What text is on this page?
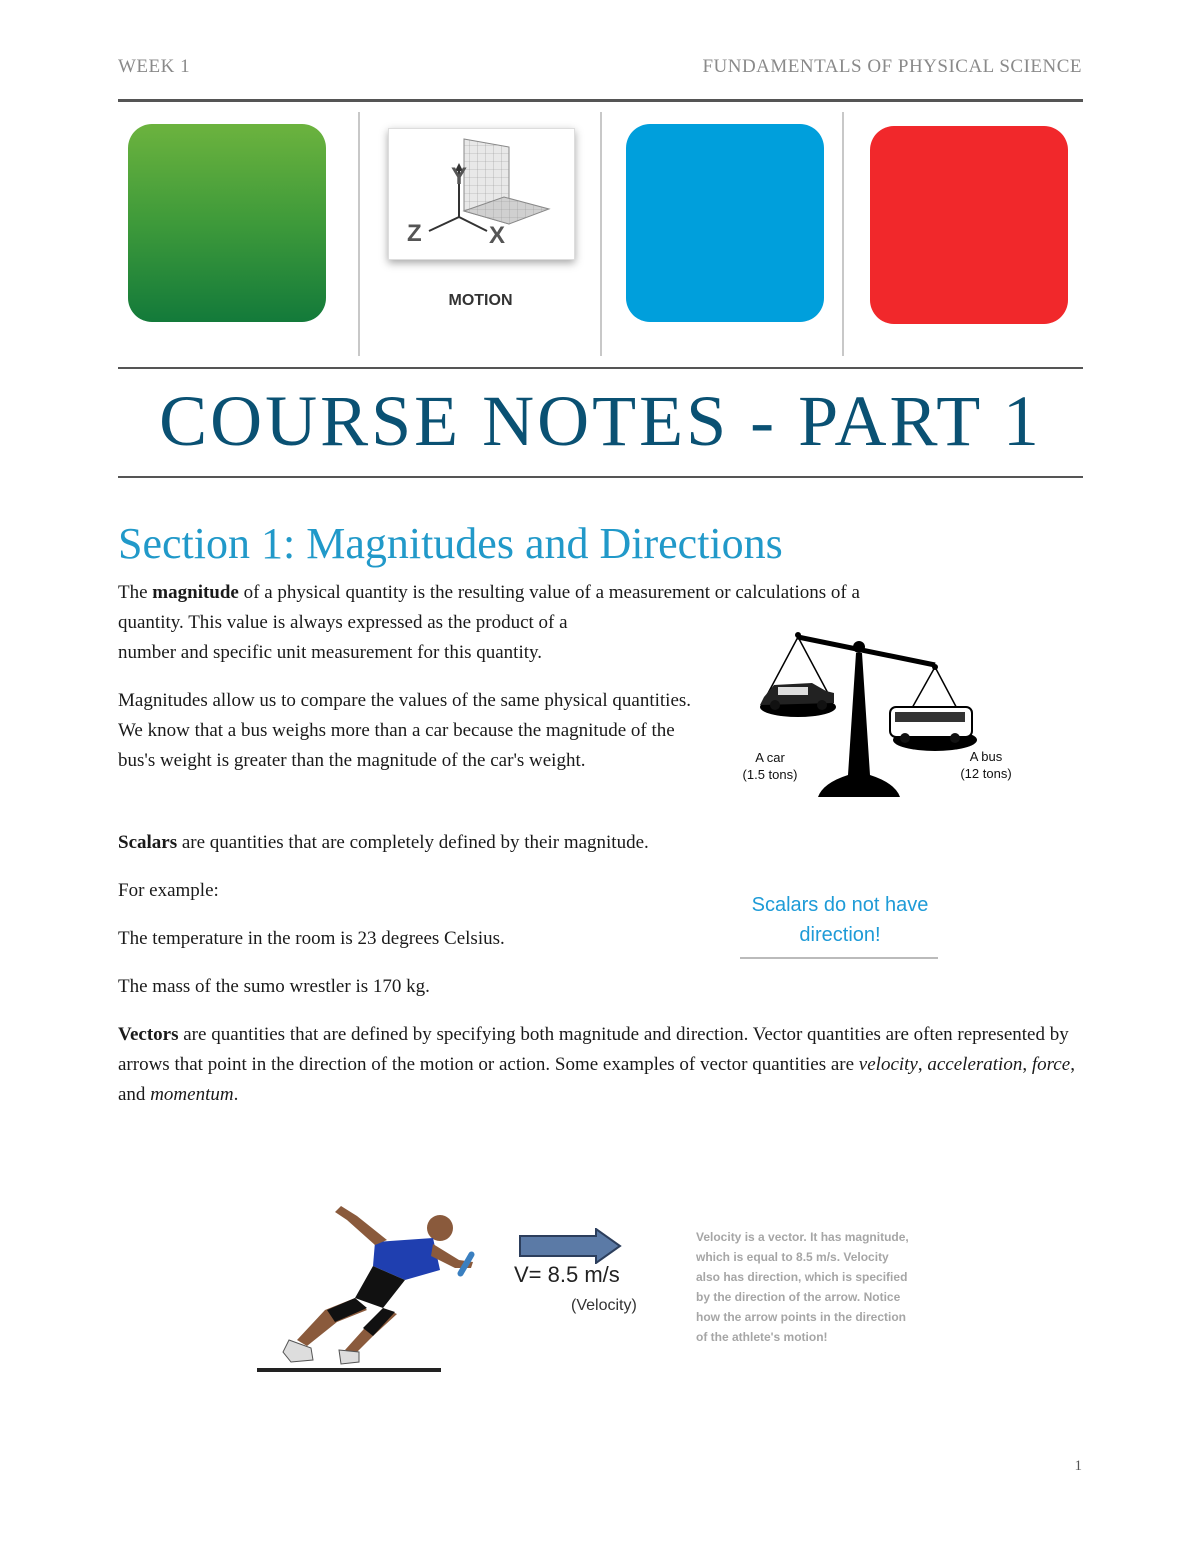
WEEK 1	FUNDAMENTALS OF PHYSICAL SCIENCE
Y
Z	X
MOTION
COURSE NOTES - PART 1
Section 1: Magnitudes and Directions
The magnitude of a physical quantity is the resulting value of a measurement or calculations of a
quantity. This value is always expressed as the product of a
number and specific unit measurement for this quantity.
Magnitudes allow us to compare the values of the same physical quantities. We know that a bus weighs more than a car because the magnitude of the bus's weight is greater than the magnitude of the car's weight.	A car
(1.5 tons)
A bus
(12 tons)
Scalars are quantities that are completely defined by their magnitude.
For example:
The temperature in the room is 23 degrees Celsius.
The mass of the sumo wrestler is 170 kg.
Scalars do not have direction!
Vectors are quantities that are defined by specifying both magnitude and direction. Vector quantities are often represented by arrows that point in the direction of the motion or action. Some examples of vector quantities are velocity, acceleration, force, and momentum.
V= 8.5 m/s
(Velocity)
Velocity is a vector. It has magnitude, which is equal to 8.5 m/s. Velocity also has direction, which is specified by the direction of the arrow. Notice how the arrow points in the direction of the athlete's motion!
1
